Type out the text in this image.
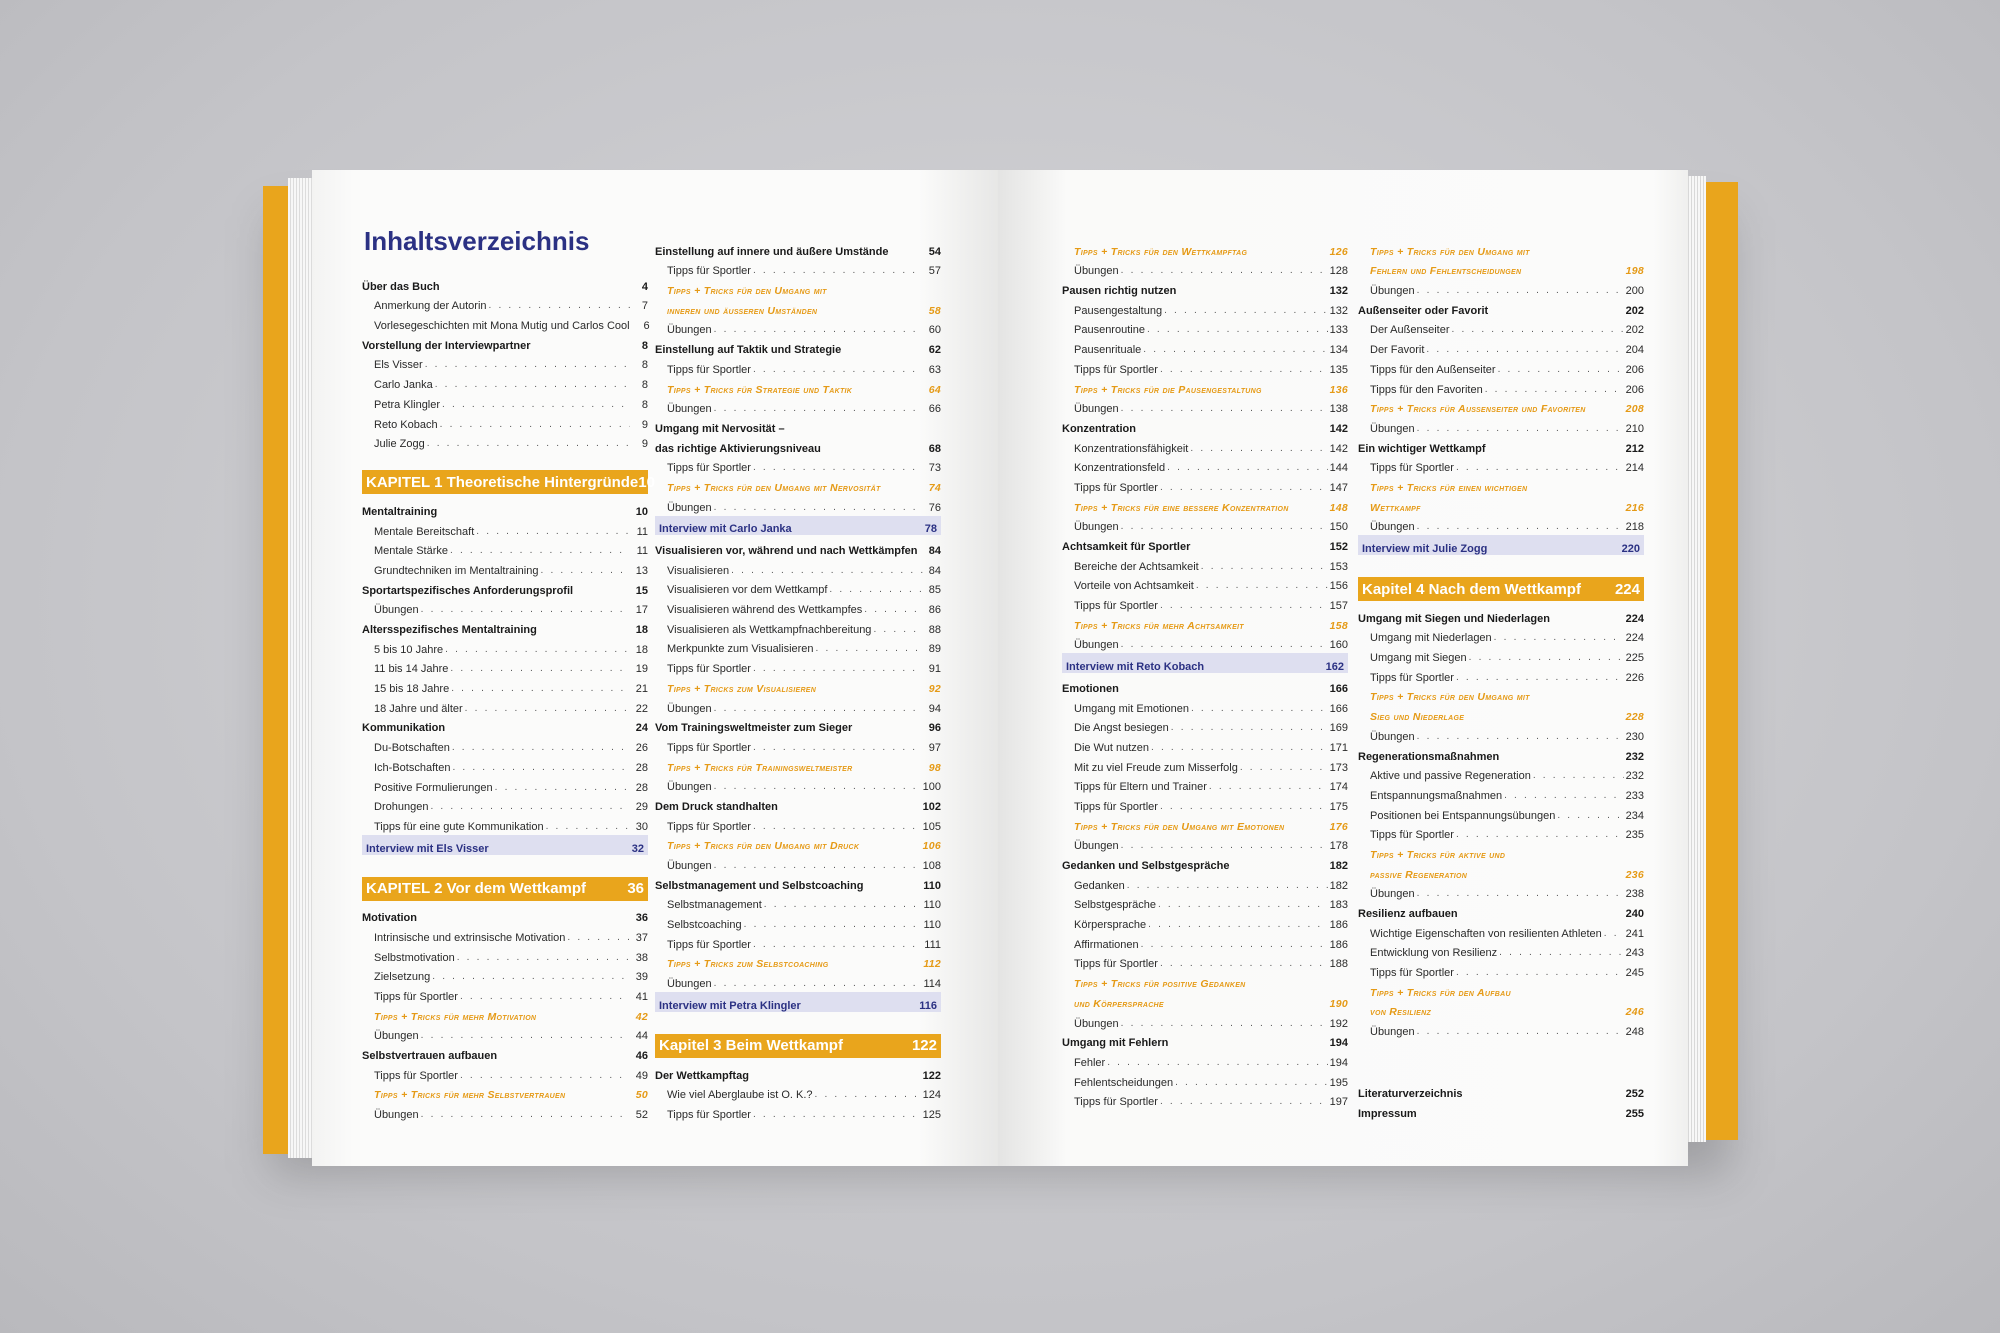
Inhaltsverzeichnis
Über das Buch	4
Anmerkung der Autorin . . .	7
Vorlesegeschichten mit Mona Mutig und Carlos Cool	6
Vorstellung der Interviewpartner	8
Els Visser . . .	8
Carlo Janka . . .	8
Petra Klingler . . .	8
Reto Kobach . . .	9
Julie Zogg . . .	9
KAPITEL 1 Theoretische Hintergründe 10
Mentaltraining	10
Mentale Bereitschaft . . .	11
Mentale Stärke . . .	11
Grundtechniken im Mentaltraining . . .	13
Sportartspezifisches Anforderungsprofil	15
Übungen . . .	17
Altersspezifisches Mentaltraining	18
5 bis 10 Jahre . . .	18
11 bis 14 Jahre . . .	19
15 bis 18 Jahre . . .	21
18 Jahre und älter . . .	22
Kommunikation	24
Du-Botschaften . . .	26
Ich-Botschaften . . .	28
Positive Formulierungen . . .	28
Drohungen . . .	29
Tipps für eine gute Kommunikation . . .	30
Interview mit Els Visser	32
KAPITEL 2 Vor dem Wettkampf	36
Motivation	36
Intrinsische und extrinsische Motivation . . .	37
Selbstmotivation . . .	38
Zielsetzung . . .	39
Tipps für Sportler . . .	41
Tipps + Tricks für mehr Motivation	42
Übungen . . .	44
Selbstvertrauen aufbauen	46
Tipps für Sportler . . .	49
Tipps + Tricks für mehr Selbstvertrauen	50
Übungen . . .	52
Einstellung auf innere und äußere Umstände	54
Tipps für Sportler . . .	57
Tipps + Tricks für den Umgang mit
inneren und äußeren Umständen	58
Übungen . . .	60
Einstellung auf Taktik und Strategie	62
Tipps für Sportler . . .	63
Tipps + Tricks für Strategie und Taktik	64
Übungen . . .	66
Umgang mit Nervosität –
das richtige Aktivierungsniveau	68
Tipps für Sportler . . .	73
Tipps + Tricks für den Umgang mit Nervosität	74
Übungen . . .	76
Interview mit Carlo Janka	78
Visualisieren vor, während und nach Wettkämpfen	84
Visualisieren . . .	84
Visualisieren vor dem Wettkampf . . .	85
Visualisieren während des Wettkampfes . . .	86
Visualisieren als Wettkampfnachbereitung . . .	88
Merkpunkte zum Visualisieren . . .	89
Tipps für Sportler . . .	91
Tipps + Tricks zum Visualisieren	92
Übungen . . .	94
Vom Trainingsweltmeister zum Sieger	96
Tipps für Sportler . . .	97
Tipps + Tricks für Trainingsweltmeister	98
Übungen . . .	100
Dem Druck standhalten	102
Tipps für Sportler . . .	105
Tipps + Tricks für den Umgang mit Druck	106
Übungen . . .	108
Selbstmanagement und Selbstcoaching	110
Selbstmanagement . . .	110
Selbstcoaching . . .	110
Tipps für Sportler . . .	111
Tipps + Tricks zum Selbstcoaching	112
Übungen . . .	114
Interview mit Petra Klingler	116
Kapitel 3 Beim Wettkampf	122
Der Wettkampftag	122
Wie viel Aberglaube ist O. K.? . . .	124
Tipps für Sportler . . .	125
Tipps + Tricks für den Wettkampftag	126
Übungen . . .	128
Pausen richtig nutzen	132
Pausengestaltung . . .	132
Pausenroutine . . .	133
Pausenrituale . . .	134
Tipps für Sportler . . .	135
Tipps + Tricks für die Pausengestaltung	136
Übungen . . .	138
Konzentration	142
Konzentrationsfähigkeit . . .	142
Konzentrationsfeld . . .	144
Tipps für Sportler . . .	147
Tipps + Tricks für eine bessere Konzentration	148
Übungen . . .	150
Achtsamkeit für Sportler	152
Bereiche der Achtsamkeit . . .	153
Vorteile von Achtsamkeit . . .	156
Tipps für Sportler . . .	157
Tipps + Tricks für mehr Achtsamkeit	158
Übungen . . .	160
Interview mit Reto Kobach	162
Emotionen	166
Umgang mit Emotionen . . .	166
Die Angst besiegen . . .	169
Die Wut nutzen . . .	171
Mit zu viel Freude zum Misserfolg . . .	173
Tipps für Eltern und Trainer . . .	174
Tipps für Sportler . . .	175
Tipps + Tricks für den Umgang mit Emotionen	176
Übungen . . .	178
Gedanken und Selbstgespräche	182
Gedanken . . .	182
Selbstgespräche . . .	183
Körpersprache . . .	186
Affirmationen . . .	186
Tipps für Sportler . . .	188
Tipps + Tricks für positive Gedanken
und Körpersprache	190
Übungen . . .	192
Umgang mit Fehlern	194
Fehler . . .	194
Fehlentscheidungen . . .	195
Tipps für Sportler . . .	197
Tipps + Tricks für den Umgang mit
Fehlern und Fehlentscheidungen	198
Übungen . . .	200
Außenseiter oder Favorit	202
Der Außenseiter . . .	202
Der Favorit . . .	204
Tipps für den Außenseiter . . .	206
Tipps für den Favoriten . . .	206
Tipps + Tricks für Außenseiter und Favoriten	208
Übungen . . .	210
Ein wichtiger Wettkampf	212
Tipps für Sportler . . .	214
Tipps + Tricks für einen wichtigen
Wettkampf	216
Übungen . . .	218
Interview mit Julie Zogg	220
Kapitel 4 Nach dem Wettkampf 224
Umgang mit Siegen und Niederlagen	224
Umgang mit Niederlagen . . .	224
Umgang mit Siegen . . .	225
Tipps für Sportler . . .	226
Tipps + Tricks für den Umgang mit
Sieg und Niederlage	228
Übungen . . .	230
Regenerationsmaßnahmen	232
Aktive und passive Regeneration . . .	232
Entspannungsmaßnahmen . . .	233
Positionen bei Entspannungsübungen . . .	234
Tipps für Sportler . . .	235
Tipps + Tricks für aktive und
passive Regeneration	236
Übungen . . .	238
Resilienz aufbauen	240
Wichtige Eigenschaften von resilienten Athleten . . . 241
Entwicklung von Resilienz . . .	243
Tipps für Sportler . . .	245
Tipps + Tricks für den Aufbau
von Resilienz	246
Übungen . . .	248
Literaturverzeichnis	252
Impressum	255
